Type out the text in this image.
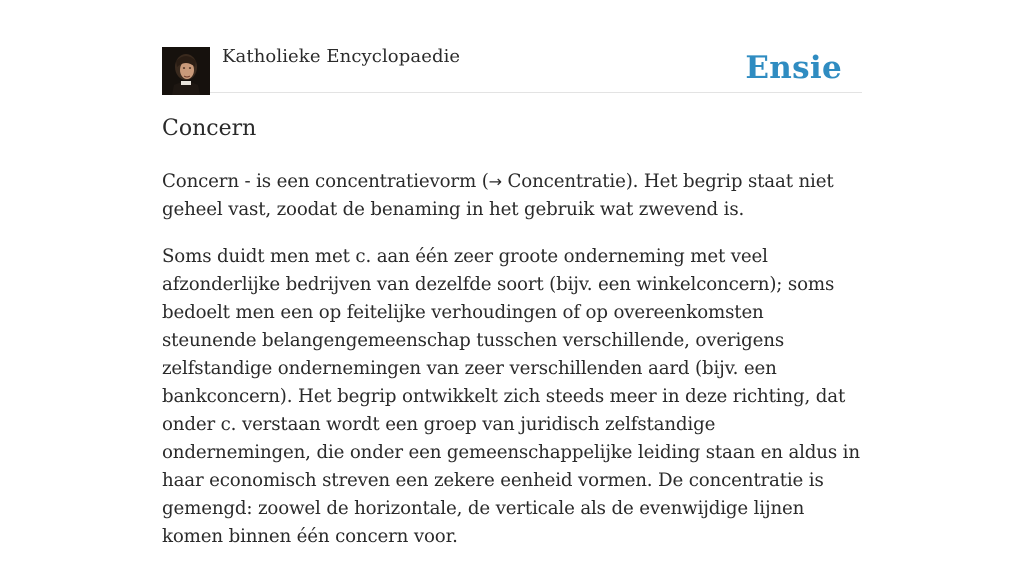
Katholieke Encyclopaedie	Ensie
Concern

Concern - is een concentratievorm (→ Concentratie). Het begrip staat niet geheel vast, zoodat de benaming in het gebruik wat zwevend is.

Soms duidt men met c. aan één zeer groote onderneming met veel afzonderlijke bedrijven van dezelfde soort (bijv. een winkelconcern); soms bedoelt men een op feitelijke verhoudingen of op overeenkomsten steunende belangengemeenschap tusschen verschillende, overigens zelfstandige ondernemingen van zeer verschillenden aard (bijv. een bankconcern). Het begrip ontwikkelt zich steeds meer in deze richting, dat onder c. verstaan wordt een groep van juridisch zelfstandige ondernemingen, die onder een gemeenschappelijke leiding staan en aldus in haar economisch streven een zekere eenheid vormen. De concentratie is gemengd: zoowel de horizontale, de verticale als de evenwijdige lijnen komen binnen één concern voor.
